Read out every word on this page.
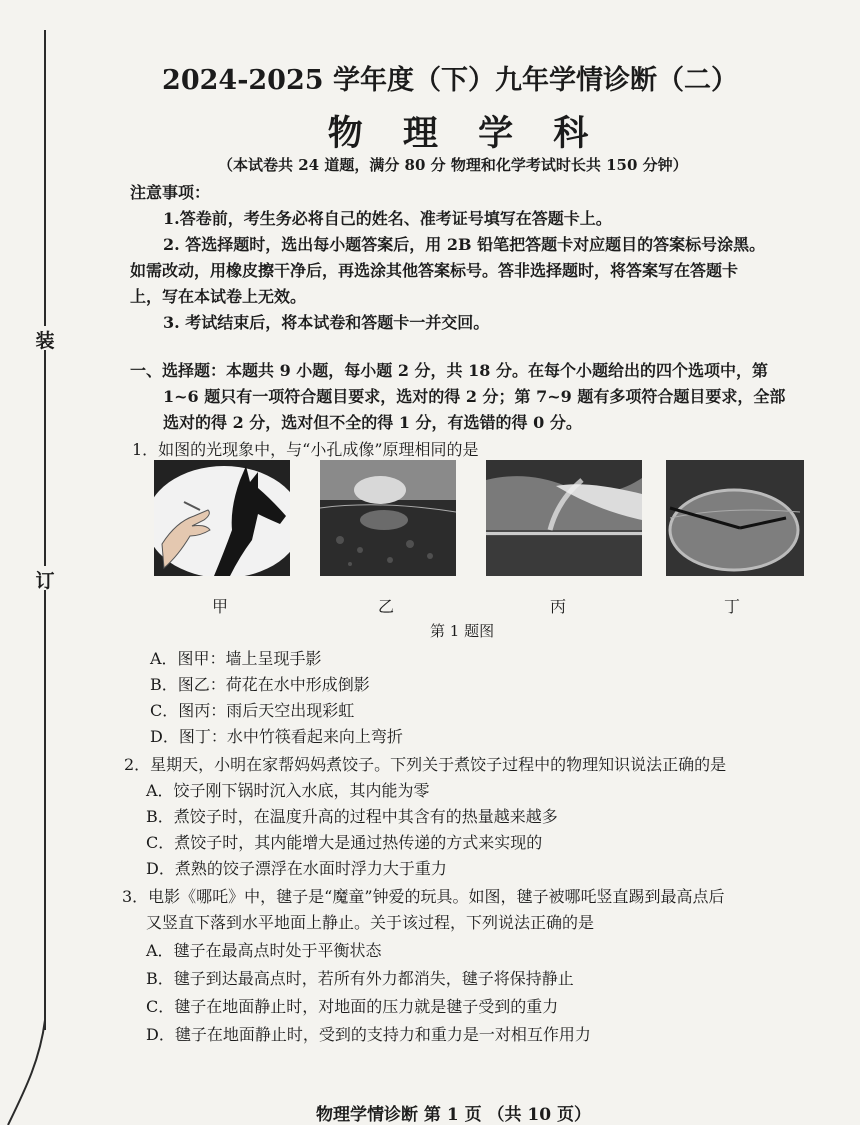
装
订
2024-2025 学年度（下）九年学情诊断（二）
物 理 学 科
（本试卷共 24 道题，满分 80 分 物理和化学考试时长共 150 分钟）
注意事项：
1.答卷前，考生务必将自己的姓名、准考证号填写在答题卡上。
2. 答选择题时，选出每小题答案后，用 2B 铅笔把答题卡对应题目的答案标号涂黑。
如需改动，用橡皮擦干净后，再选涂其他答案标号。答非选择题时，将答案写在答题卡
上，写在本试卷上无效。
3. 考试结束后，将本试卷和答题卡一并交回。
一、选择题：本题共 9 小题，每小题 2 分，共 18 分。在每个小题给出的四个选项中，第
1~6 题只有一项符合题目要求，选对的得 2 分；第 7~9 题有多项符合题目要求，全部
选对的得 2 分，选对但不全的得 1 分，有选错的得 0 分。
1．如图的光现象中，与“小孔成像”原理相同的是
甲	乙	丙	丁
第 1 题图
A．图甲：墙上呈现手影
B．图乙：荷花在水中形成倒影
C．图丙：雨后天空出现彩虹
D．图丁：水中竹筷看起来向上弯折
2．星期天，小明在家帮妈妈煮饺子。下列关于煮饺子过程中的物理知识说法正确的是
A．饺子刚下锅时沉入水底，其内能为零
B．煮饺子时，在温度升高的过程中其含有的热量越来越多
C．煮饺子时，其内能增大是通过热传递的方式来实现的
D．煮熟的饺子漂浮在水面时浮力大于重力
3．电影《哪吒》中，毽子是“魔童”钟爱的玩具。如图，毽子被哪吒竖直踢到最高点后
又竖直下落到水平地面上静止。关于该过程，下列说法正确的是
A．毽子在最高点时处于平衡状态
B．毽子到达最高点时，若所有外力都消失，毽子将保持静止
C．毽子在地面静止时，对地面的压力就是毽子受到的重力
D．毽子在地面静止时，受到的支持力和重力是一对相互作用力
物理学情诊断 第 1 页 （共 10 页）
